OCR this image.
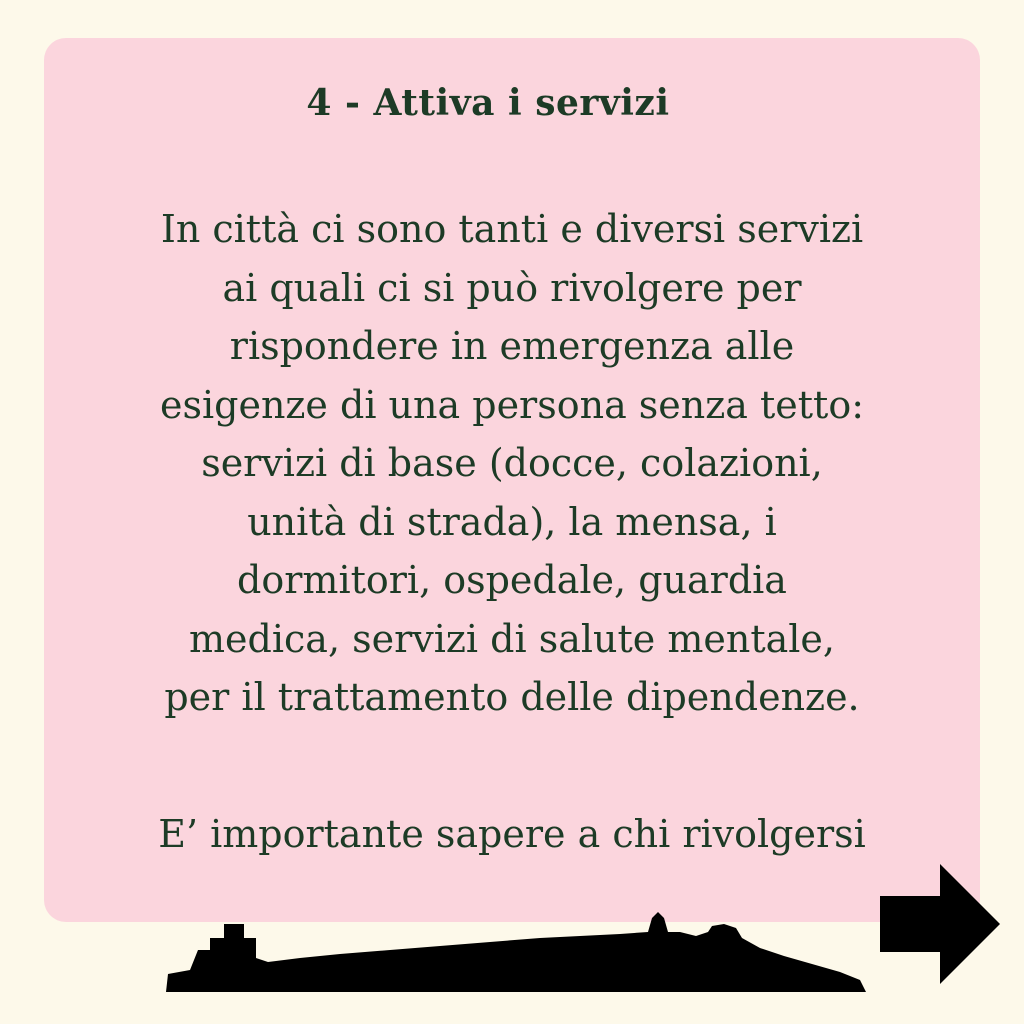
4 - Attiva i servizi

In città ci sono tanti e diversi servizi
ai quali ci si può rivolgere per
rispondere in emergenza alle
esigenze di una persona senza tetto:
servizi di base (docce, colazioni,
unità di strada), la mensa, i
dormitori, ospedale, guardia
medica, servizi di salute mentale,
per il trattamento delle dipendenze.

E’ importante sapere a chi rivolgersi
